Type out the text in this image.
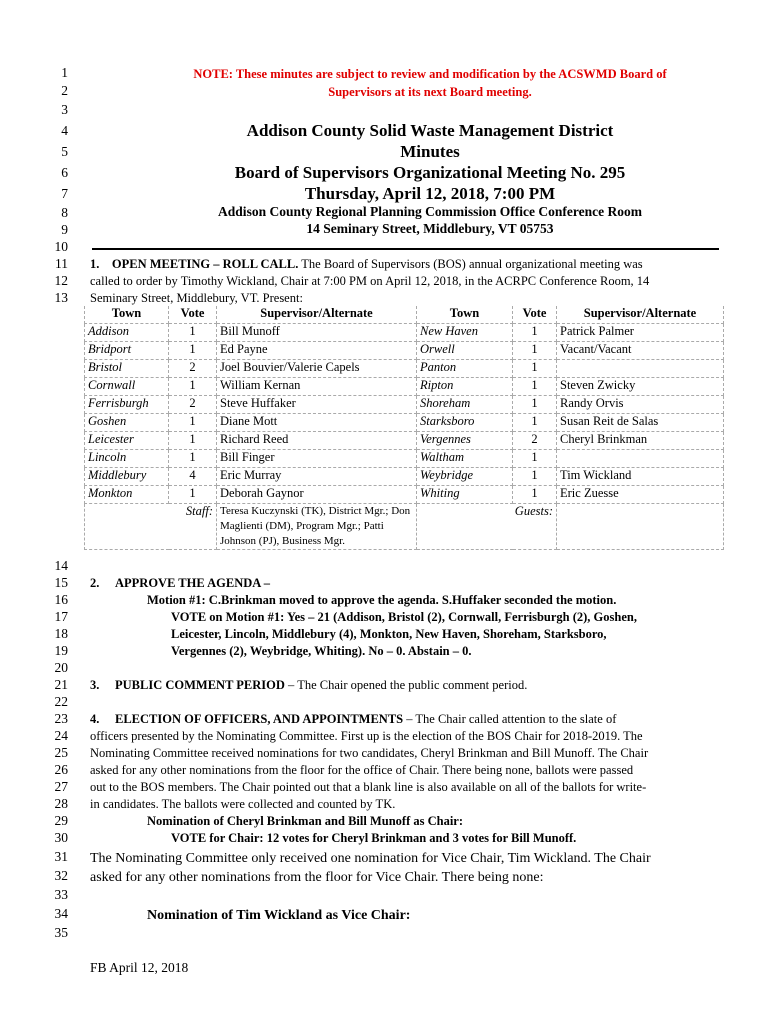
1
2
3
4
5
6
7
8
9
10
11
12
13
14
15
16
17
18
19
20
21
22
23
24
25
26
27
28
29
30
31
32
33
34
35
NOTE: These minutes are subject to review and modification by the ACSWMD Board of
Supervisors at its next Board meeting.
Addison County Solid Waste Management District
Minutes
Board of Supervisors Organizational Meeting No. 295
Thursday, April 12, 2018, 7:00 PM
Addison County Regional Planning Commission Office Conference Room
14 Seminary Street, Middlebury, VT 05753
1. OPEN MEETING – ROLL CALL. The Board of Supervisors (BOS) annual organizational meeting was
called to order by Timothy Wickland, Chair at 7:00 PM on April 12, 2018, in the ACRPC Conference Room, 14
Seminary Street, Middlebury, VT. Present:
Town	Vote	Supervisor/Alternate	Town	Vote	Supervisor/Alternate
Addison	1	Bill Munoff	New Haven	1	Patrick Palmer
Bridport	1	Ed Payne	Orwell	1	Vacant/Vacant
Bristol	2	Joel Bouvier/Valerie Capels	Panton	1	
Cornwall	1	William Kernan	Ripton	1	Steven Zwicky
Ferrisburgh	2	Steve Huffaker	Shoreham	1	Randy Orvis
Goshen	1	Diane Mott	Starksboro	1	Susan Reit de Salas
Leicester	1	Richard Reed	Vergennes	2	Cheryl Brinkman
Lincoln	1	Bill Finger	Waltham	1	
Middlebury	4	Eric Murray	Weybridge	1	Tim Wickland
Monkton	1	Deborah Gaynor	Whiting	1	Eric Zuesse
Staff:		Teresa Kuczynski (TK), District Mgr.; Don Maglienti (DM), Program Mgr.; Patti Johnson (PJ), Business Mgr.	Guests:		
2. APPROVE THE AGENDA –
Motion #1: C.Brinkman moved to approve the agenda. S.Huffaker seconded the motion.
VOTE on Motion #1: Yes – 21 (Addison, Bristol (2), Cornwall, Ferrisburgh (2), Goshen,
Leicester, Lincoln, Middlebury (4), Monkton, New Haven, Shoreham, Starksboro,
Vergennes (2), Weybridge, Whiting). No – 0. Abstain – 0.
3. PUBLIC COMMENT PERIOD – The Chair opened the public comment period.
4. ELECTION OF OFFICERS, AND APPOINTMENTS – The Chair called attention to the slate of
officers presented by the Nominating Committee. First up is the election of the BOS Chair for 2018-2019. The
Nominating Committee received nominations for two candidates, Cheryl Brinkman and Bill Munoff. The Chair
asked for any other nominations from the floor for the office of Chair. There being none, ballots were passed
out to the BOS members. The Chair pointed out that a blank line is also available on all of the ballots for write-
in candidates. The ballots were collected and counted by TK.
Nomination of Cheryl Brinkman and Bill Munoff as Chair:
VOTE for Chair: 12 votes for Cheryl Brinkman and 3 votes for Bill Munoff.
The Nominating Committee only received one nomination for Vice Chair, Tim Wickland. The Chair
asked for any other nominations from the floor for Vice Chair. There being none:
Nomination of Tim Wickland as Vice Chair:
FB April 12, 2018
